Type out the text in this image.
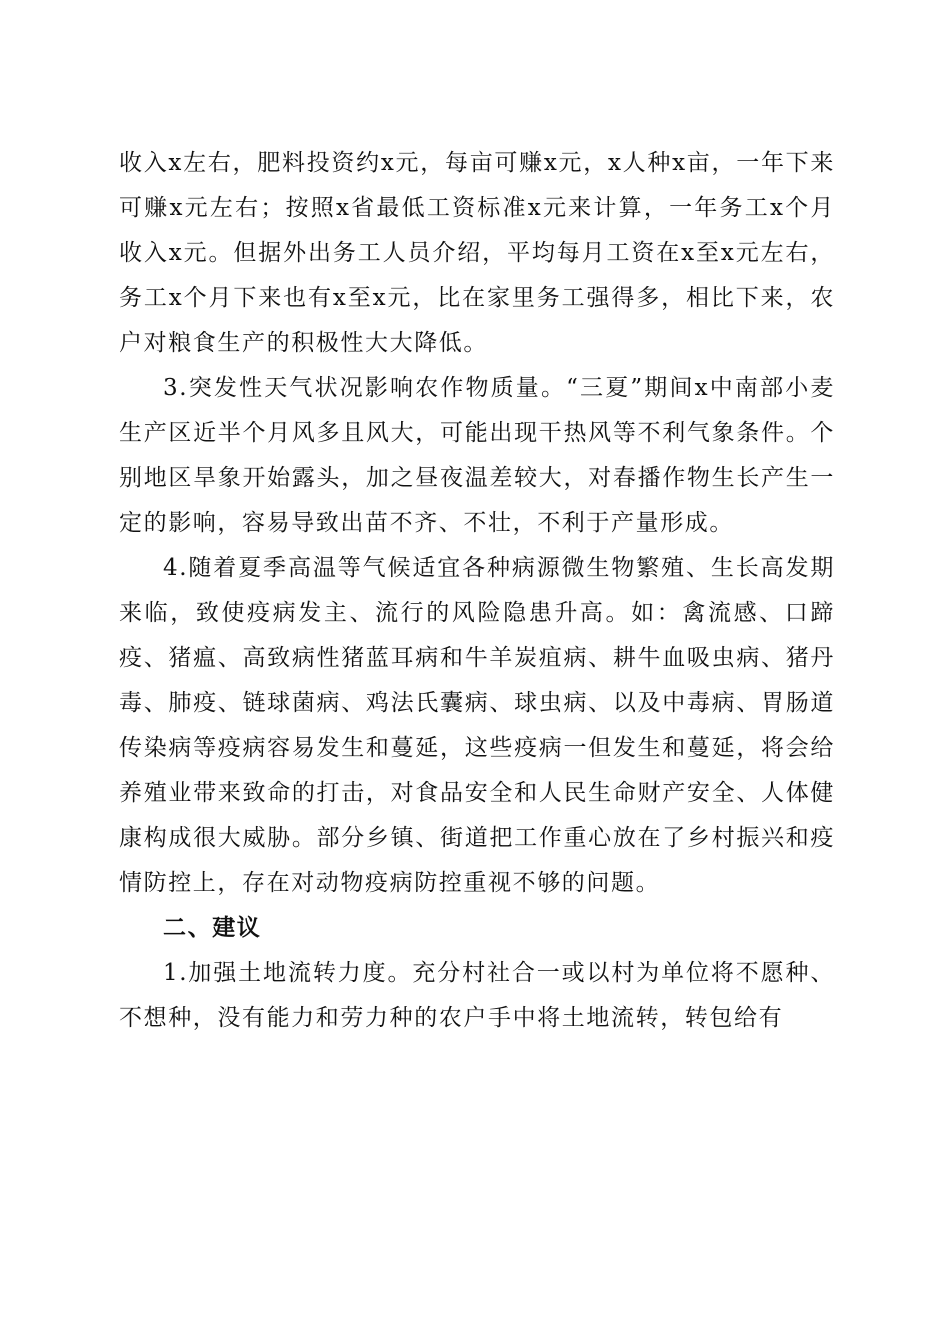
收入x左右，肥料投资约x元，每亩可赚x元，x人种x亩，一年下来可赚x元左右；按照x省最低工资标准x元来计算，一年务工x个月收入x元。但据外出务工人员介绍，平均每月工资在x至x元左右，务工x个月下来也有x至x元，比在家里务工强得多，相比下来，农户对粮食生产的积极性大大降低。

3.突发性天气状况影响农作物质量。“三夏”期间x中南部小麦生产区近半个月风多且风大，可能出现干热风等不利气象条件。个别地区旱象开始露头，加之昼夜温差较大，对春播作物生长产生一定的影响，容易导致出苗不齐、不壮，不利于产量形成。

4.随着夏季高温等气候适宜各种病源微生物繁殖、生长高发期来临，致使疫病发主、流行的风险隐患升高。如：禽流感、口蹄疫、猪瘟、高致病性猪蓝耳病和牛羊炭疽病、耕牛血吸虫病、猪丹毒、肺疫、链球菌病、鸡法氏囊病、球虫病、以及中毒病、胃肠道传染病等疫病容易发生和蔓延，这些疫病一但发生和蔓延，将会给养殖业带来致命的打击，对食品安全和人民生命财产安全、人体健康构成很大威胁。部分乡镇、街道把工作重心放在了乡村振兴和疫情防控上，存在对动物疫病防控重视不够的问题。

二、建议

1.加强土地流转力度。充分村社合一或以村为单位将不愿种、不想种，没有能力和劳力种的农户手中将土地流转，转包给有
